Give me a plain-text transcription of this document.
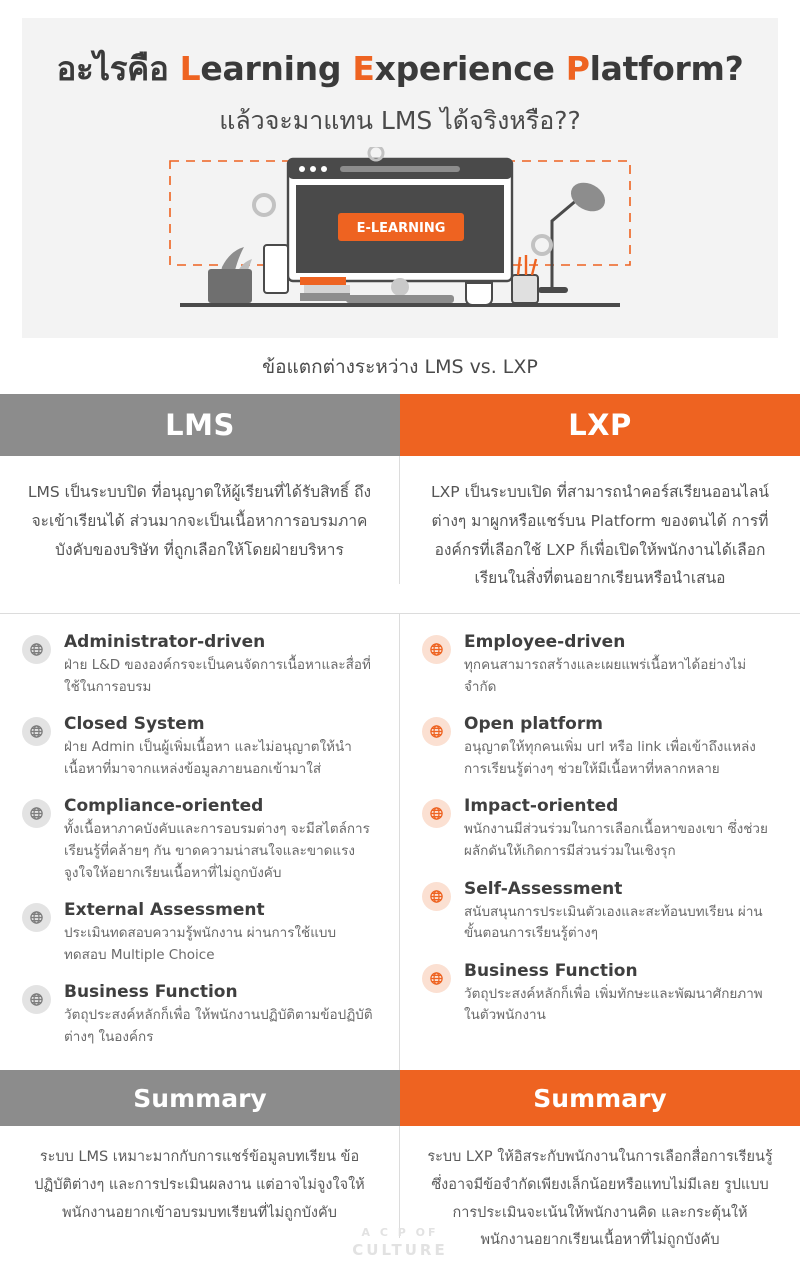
อะไรคือ Learning Experience Platform?
แล้วจะมาแทน LMS ได้จริงหรือ??
E-LEARNING
ข้อแตกต่างระหว่าง LMS vs. LXP
LMS	LXP
LMS เป็นระบบปิด ที่อนุญาตให้ผู้เรียนที่ได้รับสิทธิ์ ถึงจะเข้าเรียนได้ ส่วนมากจะเป็นเนื้อหาการอบรมภาคบังคับของบริษัท ที่ถูกเลือกให้โดยฝ่ายบริหาร
LXP เป็นระบบเปิด ที่สามารถนำคอร์สเรียนออนไลน์ต่างๆ มาผูกหรือแชร์บน Platform ของตนได้ การที่องค์กรที่เลือกใช้ LXP ก็เพื่อเปิดให้พนักงานได้เลือกเรียนในสิ่งที่ตนอยากเรียนหรือนำเสนอ
Administrator-driven
ฝ่าย L&D ขององค์กรจะเป็นคนจัดการเนื้อหาและสื่อที่ใช้ในการอบรม
Closed System
ฝ่าย Admin เป็นผู้เพิ่มเนื้อหา และไม่อนุญาตให้นำเนื้อหาที่มาจากแหล่งข้อมูลภายนอกเข้ามาใส่
Compliance-oriented
ทั้งเนื้อหาภาคบังคับและการอบรมต่างๆ จะมีสไตล์การเรียนรู้ที่คล้ายๆ กัน ขาดความน่าสนใจและขาดแรงจูงใจให้อยากเรียนเนื้อหาที่ไม่ถูกบังคับ
External Assessment
ประเมินทดสอบความรู้พนักงาน ผ่านการใช้แบบทดสอบ Multiple Choice
Business Function
วัตถุประสงค์หลักก็เพื่อ ให้พนักงานปฏิบัติตามข้อปฏิบัติต่างๆ ในองค์กร
Employee-driven
ทุกคนสามารถสร้างและเผยแพร่เนื้อหาได้อย่างไม่จำกัด
Open platform
อนุญาตให้ทุกคนเพิ่ม url หรือ link เพื่อเข้าถึงแหล่งการเรียนรู้ต่างๆ ช่วยให้มีเนื้อหาที่หลากหลาย
Impact-oriented
พนักงานมีส่วนร่วมในการเลือกเนื้อหาของเขา ซึ่งช่วยผลักดันให้เกิดการมีส่วนร่วมในเชิงรุก
Self-Assessment
สนับสนุนการประเมินตัวเองและสะท้อนบทเรียน ผ่านขั้นตอนการเรียนรู้ต่างๆ
Business Function
วัตถุประสงค์หลักก็เพื่อ เพิ่มทักษะและพัฒนาศักยภาพในตัวพนักงาน
Summary	Summary
ระบบ LMS เหมาะมากกับการแชร์ข้อมูลบทเรียน ข้อปฏิบัติต่างๆ และการประเมินผลงาน แต่อาจไม่จูงใจให้พนักงานอยากเข้าอบรมบทเรียนที่ไม่ถูกบังคับ
ระบบ LXP ให้อิสระกับพนักงานในการเลือกสื่อการเรียนรู้ ซึ่งอาจมีข้อจำกัดเพียงเล็กน้อยหรือแทบไม่มีเลย รูปแบบการประเมินจะเน้นให้พนักงานคิด และกระตุ้นให้พนักงานอยากเรียนเนื้อหาที่ไม่ถูกบังคับ
A C P OF
CULTURE
